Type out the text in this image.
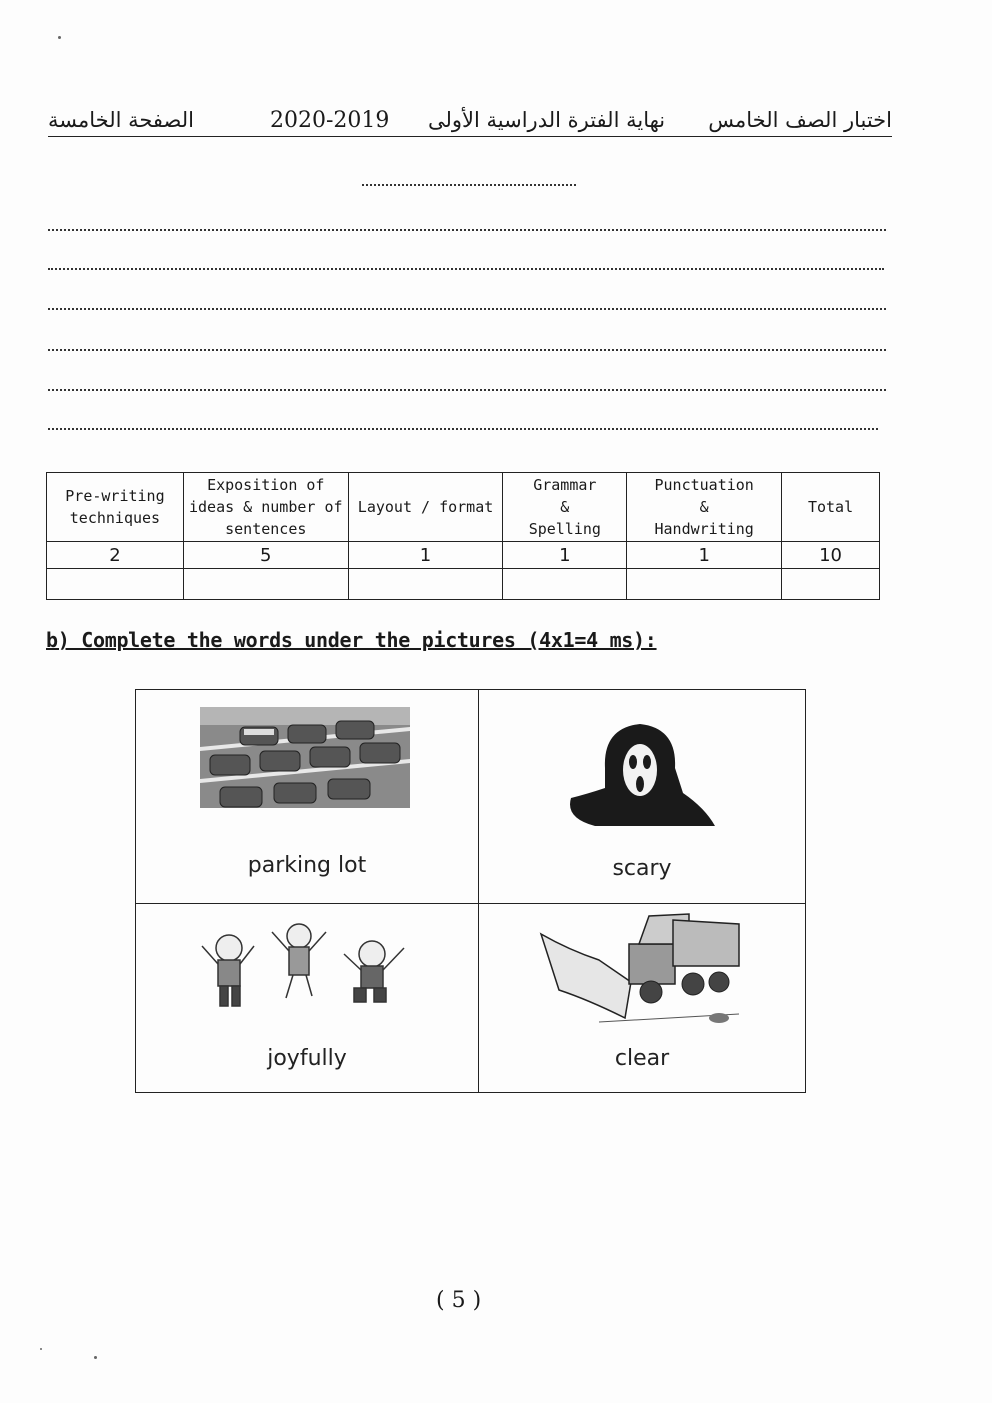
الصفحة الخامسة	2020-2019 نهاية الفترة الدراسية الأولى اختبار الصف الخامس
Pre-writing
techniques	Exposition of
ideas & number of
sentences	Layout / format	Grammar
&
Spelling	Punctuation
&
Handwriting	Total

2	5	1	1	1	10

b) Complete the words under the pictures (4x1=4 ms):
parking lot	scary
joyfully	clear
( 5 )
